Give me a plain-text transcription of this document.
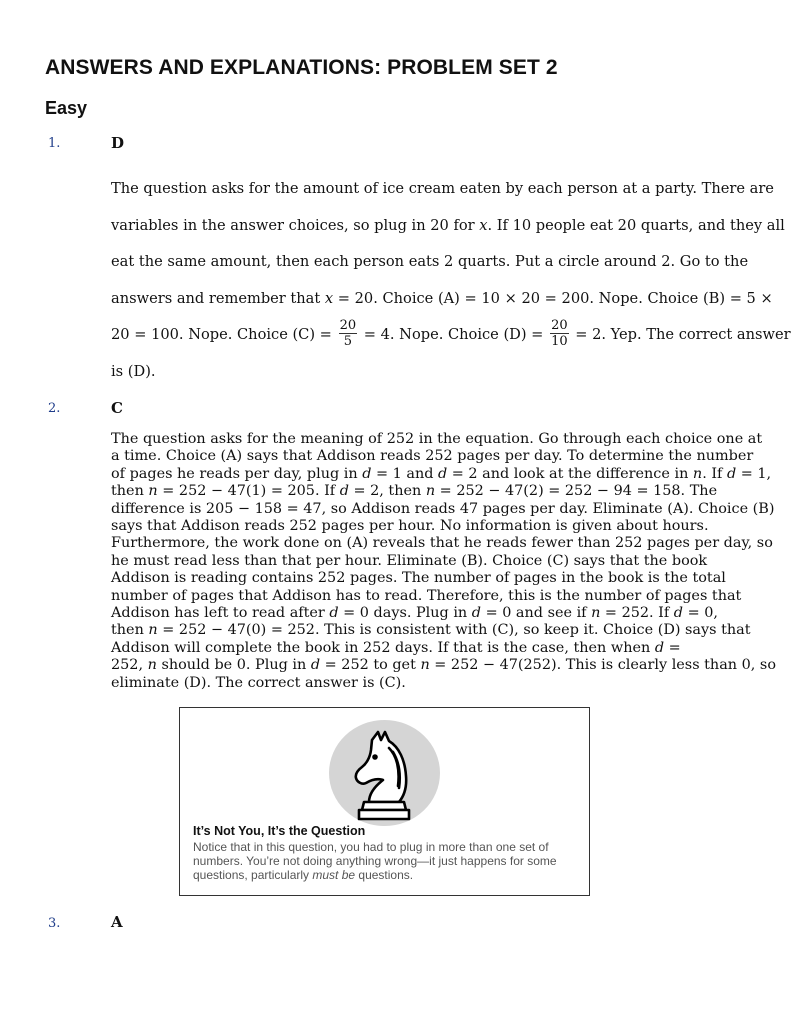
ANSWERS AND EXPLANATIONS: PROBLEM SET 2
Easy
1.	D

The question asks for the amount of ice cream eaten by each person at a party. There are

variables in the answer choices, so plug in 20 for x. If 10 people eat 20 quarts, and they all

eat the same amount, then each person eats 2 quarts. Put a circle around 2. Go to the

answers and remember that x = 20. Choice (A) = 10 × 20 = 200. Nope. Choice (B) = 5 ×

20 = 100. Nope. Choice $(C) = \frac{20}{5} = 4$. Nope. Choice $(D) = \frac{20}{10} = 2$. Yep. The correct answer

is (D).

2.	C

The question asks for the meaning of 252 in the equation. Go through each choice one at

a time. Choice (A) says that Addison reads 252 pages per day. To determine the number

of pages he reads per day, plug in d = 1 and d = 2 and look at the difference in n. If d = 1,

then n = 252 − 47(1) = 205. If d = 2, then n = 252 − 47(2) = 252 − 94 = 158. The

difference is 205 − 158 = 47, so Addison reads 47 pages per day. Eliminate (A). Choice (B)

says that Addison reads 252 pages per hour. No information is given about hours.

Furthermore, the work done on (A) reveals that he reads fewer than 252 pages per day, so

he must read less than that per hour. Eliminate (B). Choice (C) says that the book

Addison is reading contains 252 pages. The number of pages in the book is the total

number of pages that Addison has to read. Therefore, this is the number of pages that

Addison has left to read after d = 0 days. Plug in d = 0 and see if n = 252. If d = 0,

then n = 252 − 47(0) = 252. This is consistent with (C), so keep it. Choice (D) says that

Addison will complete the book in 252 days. If that is the case, then when d =

252, n should be 0. Plug in d = 252 to get n = 252 − 47(252). This is clearly less than 0, so

eliminate (D). The correct answer is (C).

It’s Not You, It’s the Question

Notice that in this question, you had to plug in more than one set of

numbers. You’re not doing anything wrong—it just happens for some

questions, particularly must be questions.

3.	A
